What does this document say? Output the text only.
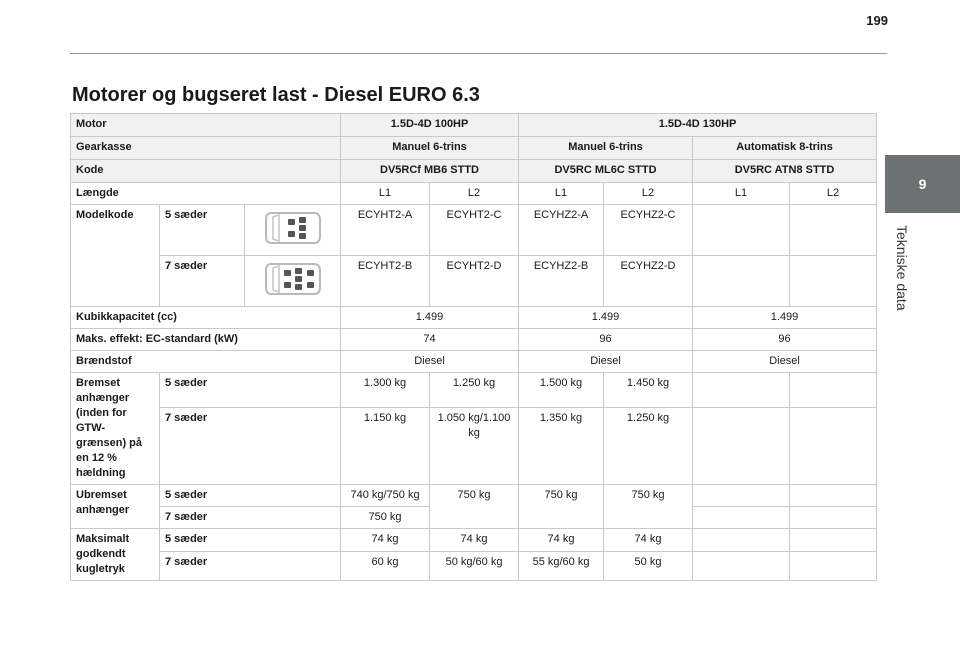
199
Motorer og bugseret last - Diesel EURO 6.3
9
Tekniske data
Motor			1.5D-4D 100HP		1.5D-4D 130HP			
Gearkasse			Manuel 6-trins		Manuel 6-trins		Automatisk 8-trins	
Kode			DV5RCf MB6 STTD		DV5RC ML6C STTD		DV5RC ATN8 STTD	
Længde			L1	L2	L1	L2	L1	L2
Modelkode	5 sæder		ECYHT2-A	ECYHT2-C	ECYHZ2-A	ECYHZ2-C		
	7 sæder		ECYHT2-B	ECYHT2-D	ECYHZ2-B	ECYHZ2-D		
Kubikkapacitet (cc)			1.499		1.499		1.499	
Maks. effekt: EC-standard (kW)			74		96		96	
Brændstof			Diesel		Diesel		Diesel	
Bremset anhænger (inden for GTW-grænsen) på en 12 % hældning	5 sæder		1.300 kg	1.250 kg	1.500 kg	1.450 kg		
	7 sæder		1.150 kg	1.050 kg/1.100 kg	1.350 kg	1.250 kg		
Ubremset anhænger	5 sæder		740 kg/750 kg	750 kg	750 kg	750 kg		
	7 sæder		750 kg					
Maksimalt godkendt kugletryk	5 sæder		74 kg	74 kg	74 kg	74 kg		
	7 sæder		60 kg	50 kg/60 kg	55 kg/60 kg	50 kg		
